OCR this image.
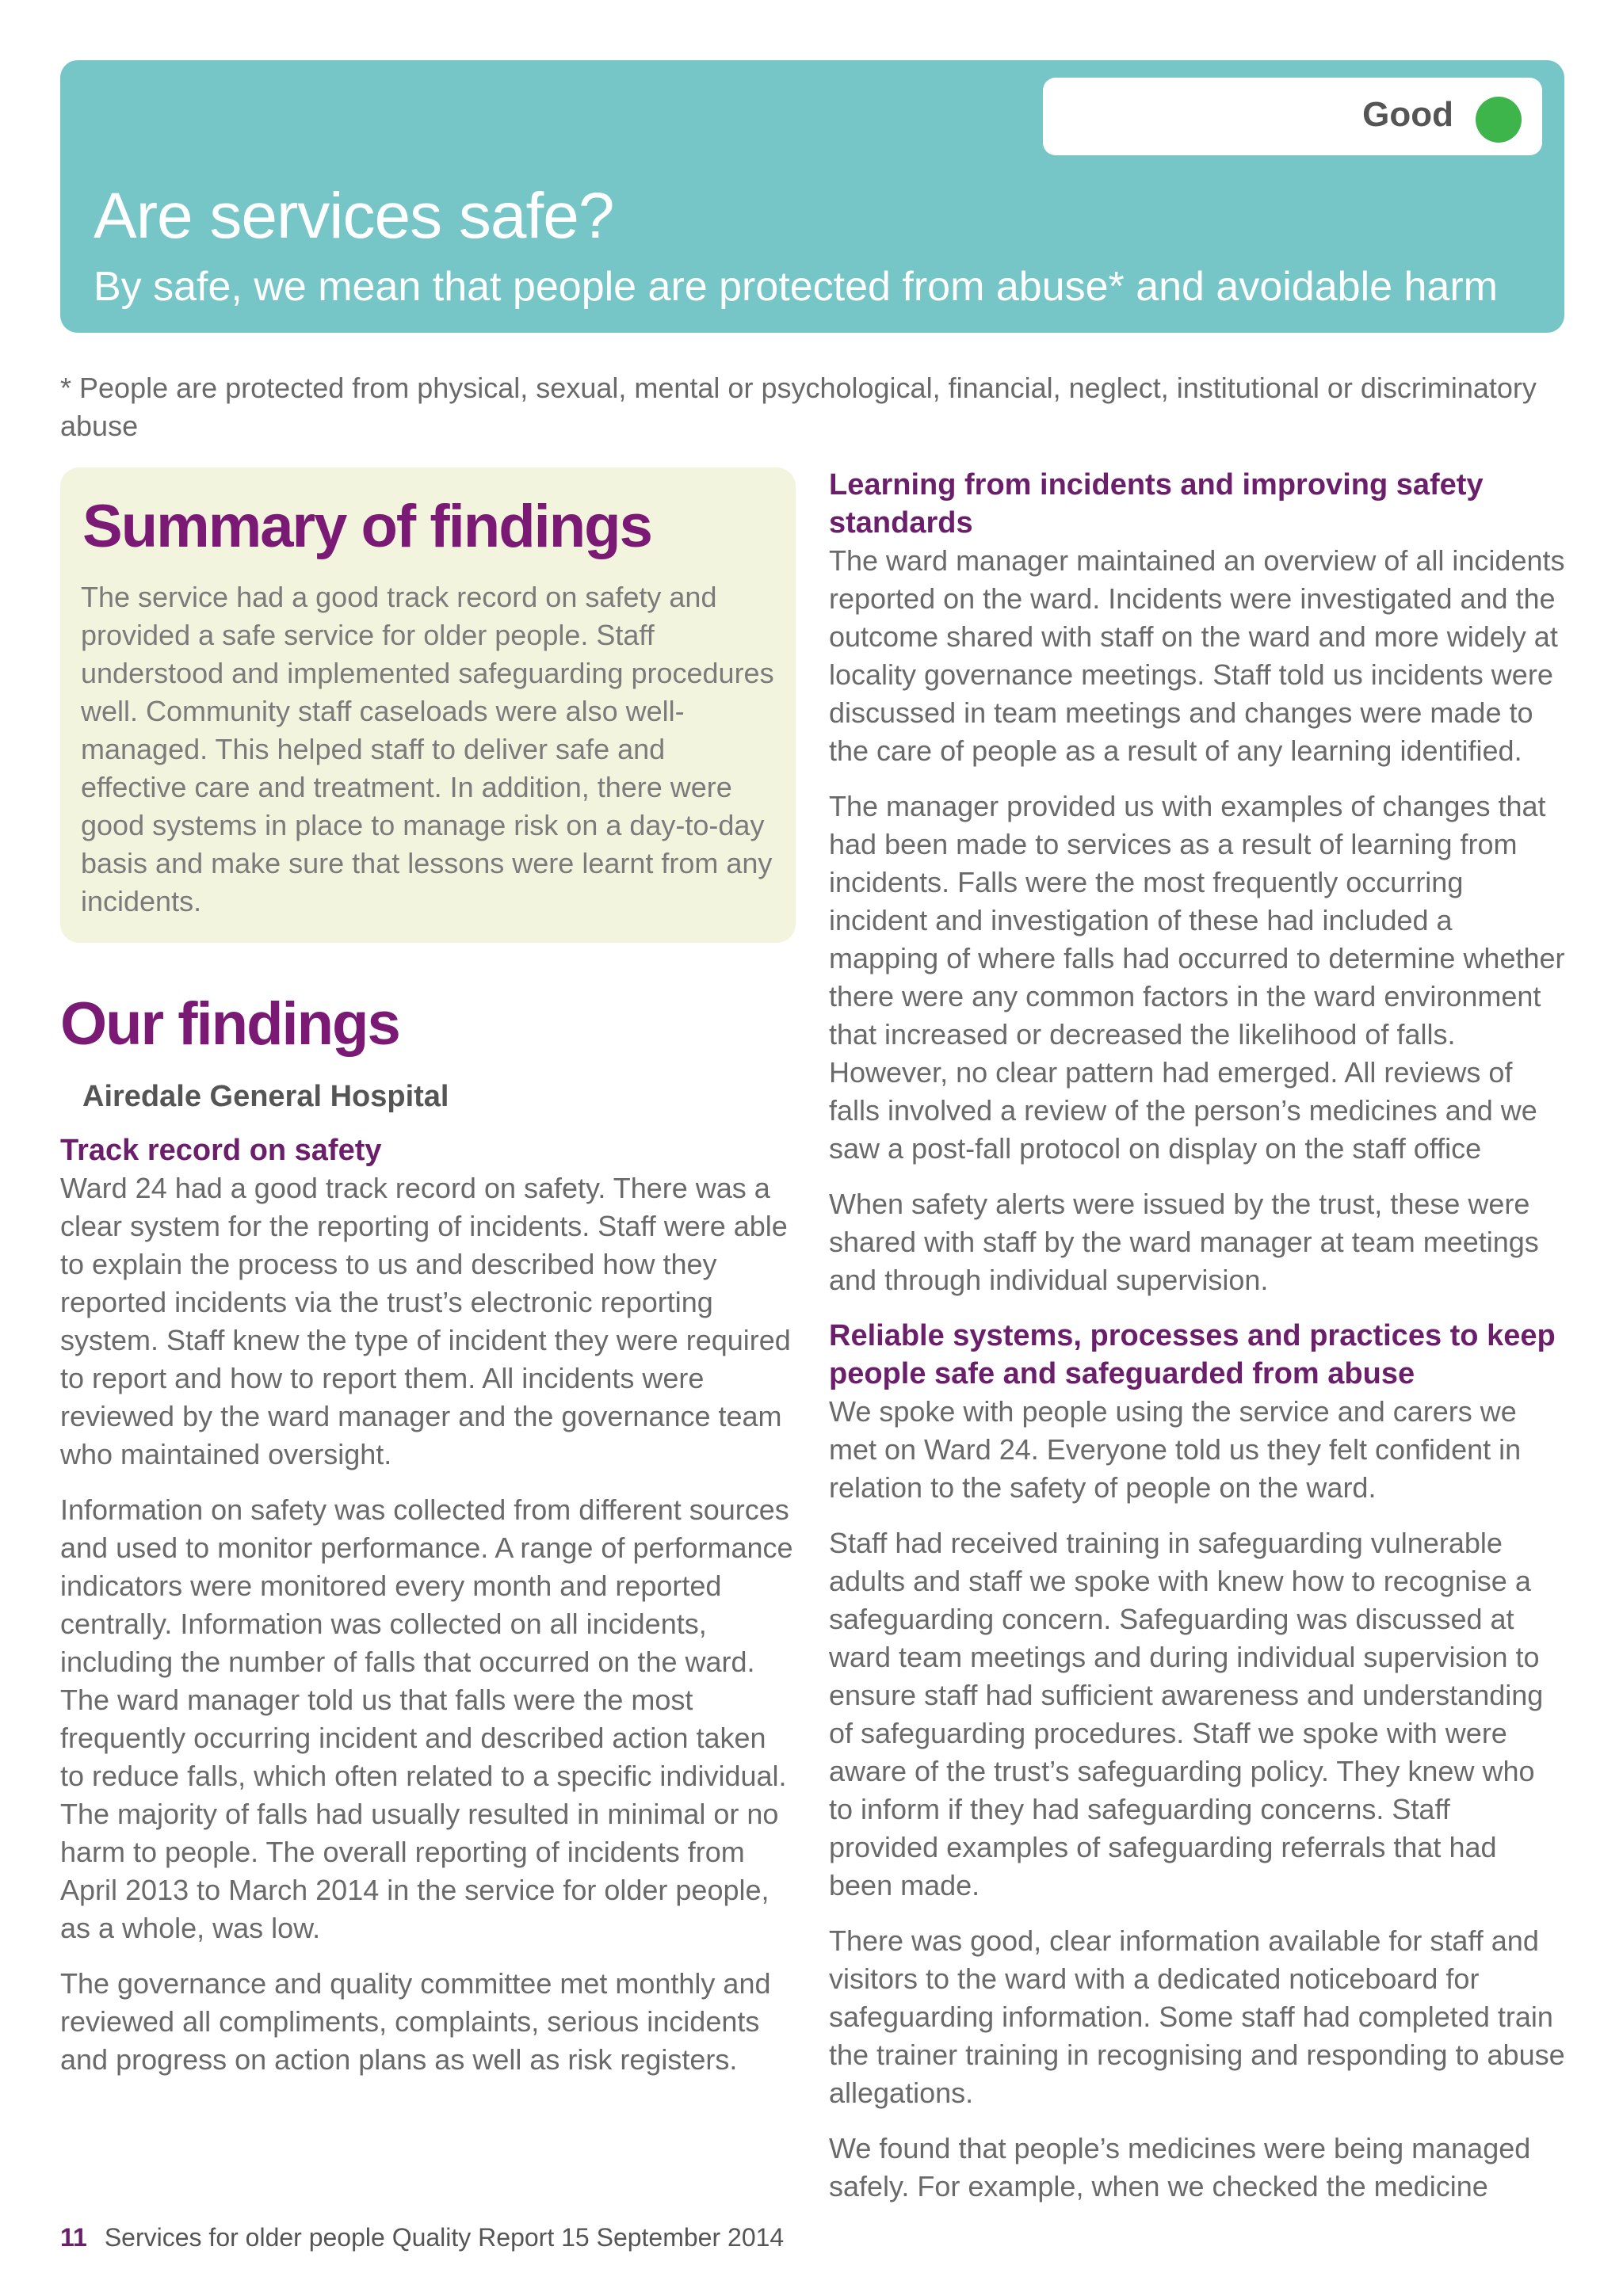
Good
Are services safe?
By safe, we mean that people are protected from abuse* and avoidable harm
* People are protected from physical, sexual, mental or psychological, financial, neglect, institutional or discriminatory abuse
Summary of findings

The service had a good track record on safety and provided a safe service for older people. Staff understood and implemented safeguarding procedures well. Community staff caseloads were also well-managed. This helped staff to deliver safe and effective care and treatment. In addition, there were good systems in place to manage risk on a day-to-day basis and make sure that lessons were learnt from any incidents.

Our findings
Airedale General Hospital
Track record on safety

Ward 24 had a good track record on safety. There was a clear system for the reporting of incidents. Staff were able to explain the process to us and described how they reported incidents via the trust’s electronic reporting system. Staff knew the type of incident they were required to report and how to report them. All incidents were reviewed by the ward manager and the governance team who maintained oversight.

Information on safety was collected from different sources and used to monitor performance. A range of performance indicators were monitored every month and reported centrally. Information was collected on all incidents, including the number of falls that occurred on the ward. The ward manager told us that falls were the most frequently occurring incident and described action taken to reduce falls, which often related to a specific individual. The majority of falls had usually resulted in minimal or no harm to people. The overall reporting of incidents from April 2013 to March 2014 in the service for older people, as a whole, was low.

The governance and quality committee met monthly and reviewed all compliments, complaints, serious incidents and progress on action plans as well as risk registers.

Learning from incidents and improving safety standards

The ward manager maintained an overview of all incidents reported on the ward. Incidents were investigated and the outcome shared with staff on the ward and more widely at locality governance meetings. Staff told us incidents were discussed in team meetings and changes were made to the care of people as a result of any learning identified.

The manager provided us with examples of changes that had been made to services as a result of learning from incidents. Falls were the most frequently occurring incident and investigation of these had included a mapping of where falls had occurred to determine whether there were any common factors in the ward environment that increased or decreased the likelihood of falls. However, no clear pattern had emerged. All reviews of falls involved a review of the person’s medicines and we saw a post-fall protocol on display on the staff office

When safety alerts were issued by the trust, these were shared with staff by the ward manager at team meetings and through individual supervision.

Reliable systems, processes and practices to keep people safe and safeguarded from abuse

We spoke with people using the service and carers we met on Ward 24. Everyone told us they felt confident in relation to the safety of people on the ward.

Staff had received training in safeguarding vulnerable adults and staff we spoke with knew how to recognise a safeguarding concern. Safeguarding was discussed at ward team meetings and during individual supervision to ensure staff had sufficient awareness and understanding of safeguarding procedures. Staff we spoke with were aware of the trust’s safeguarding policy. They knew who to inform if they had safeguarding concerns. Staff provided examples of safeguarding referrals that had been made.

There was good, clear information available for staff and visitors to the ward with a dedicated noticeboard for safeguarding information. Some staff had completed train the trainer training in recognising and responding to abuse allegations.

We found that people’s medicines were being managed safely. For example, when we checked the medicine

11 Services for older people Quality Report 15 September 2014
